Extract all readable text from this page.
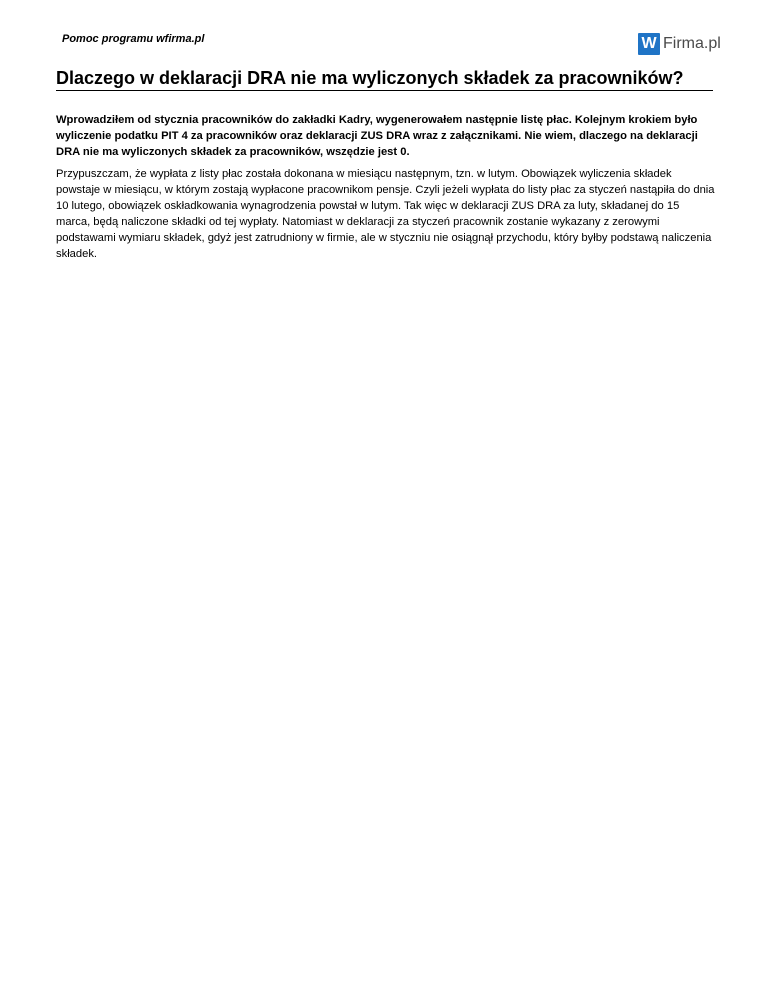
Pomoc programu wfirma.pl	W Firma.pl
Dlaczego w deklaracji DRA nie ma wyliczonych składek za pracowników?

Wprowadziłem od stycznia pracowników do zakładki Kadry, wygenerowałem następnie listę płac. Kolejnym krokiem było wyliczenie podatku PIT 4 za pracowników oraz deklaracji ZUS DRA wraz z załącznikami. Nie wiem, dlaczego na deklaracji DRA nie ma wyliczonych składek za pracowników, wszędzie jest 0.

Przypuszczam, że wypłata z listy płac została dokonana w miesiącu następnym, tzn. w lutym. Obowiązek wyliczenia składek powstaje w miesiącu, w którym zostają wypłacone pracownikom pensje. Czyli jeżeli wypłata do listy płac za styczeń nastąpiła do dnia 10 lutego, obowiązek oskładkowania wynagrodzenia powstał w lutym. Tak więc w deklaracji ZUS DRA za luty, składanej do 15 marca, będą naliczone składki od tej wypłaty. Natomiast w deklaracji za styczeń pracownik zostanie wykazany z zerowymi podstawami wymiaru składek, gdyż jest zatrudniony w firmie, ale w styczniu nie osiągnął przychodu, który byłby podstawą naliczenia składek.
